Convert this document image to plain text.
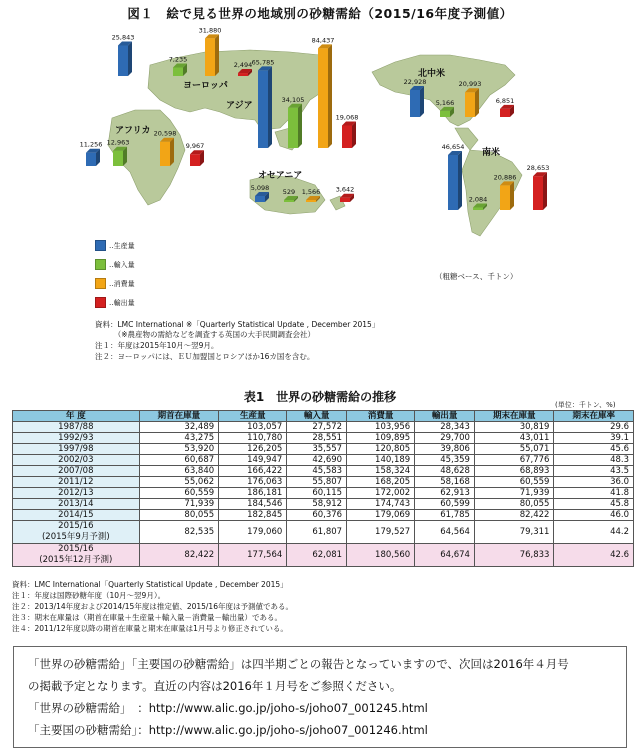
図１　絵で見る世界の地域別の砂糖需給（2015/16年度予測値）
25,843
7,235
31,880
2,494 65,785
34,105
84,437
19,068
11,256 12,963
20,598
9,967
5,098
529 1,566 3,642
22,928
5,166
20,993
6,851
46,654
2,084
20,886
28,653
ヨーロッパ
アジア
アフリカ
オセアニア
北中米
南米
‥生産量
‥輸入量
‥消費量
‥輸出量
（粗糖ベース、千トン）
資料：LMC International ※「Quarterly Statistical Update , December 2015」
　　　（※農産物の需給などを調査する英国の大手民間調査会社）
注１：年度は2015年10月～翌9月。
注２：ヨーロッパには、ＥＵ加盟国とロシアほか16カ国を含む。
表1　世界の砂糖需給の推移
(単位：千トン、%)
年 度	期首在庫量	生産量	輸入量	消費量	輸出量	期末在庫量	期末在庫率
1987/88	32,489	103,057	27,572	103,956	28,343	30,819	29.6
1992/93	43,275	110,780	28,551	109,895	29,700	43,011	39.1
1997/98	53,920	126,205	35,557	120,805	39,806	55,071	45.6
2002/03	60,687	149,947	42,690	140,189	45,359	67,776	48.3
2007/08	63,840	166,422	45,583	158,324	48,628	68,893	43.5
2011/12	55,062	176,063	55,807	168,205	58,168	60,559	36.0
2012/13	60,559	186,181	60,115	172,002	62,913	71,939	41.8
2013/14	71,939	184,546	58,912	174,743	60,599	80,055	45.8
2014/15	80,055	182,845	60,376	179,069	61,785	82,422	46.0
2015/16
(2015年9月予測)	82,535	179,060	61,807	179,527	64,564	79,311	44.2
2015/16
(2015年12月予測)	82,422	177,564	62,081	180,560	64,674	76,833	42.6
資料：LMC International「Quarterly Statistical Update , December 2015」
注１：年度は国際砂糖年度（10月～翌9月）。
注２：2013/14年度および2014/15年度は推定値、2015/16年度は予測値である。
注３：期末在庫量は（期首在庫量＋生産量＋輸入量－消費量－輸出量）である。
注４：2011/12年度以降の期首在庫量と期末在庫量は1月号より修正されている。
「世界の砂糖需給」「主要国の砂糖需給」は四半期ごとの報告となっていますので、次回は2016年４月号
の掲載予定となります。直近の内容は2016年１月号をご参照ください。
「世界の砂糖需給」　：http://www.alic.go.jp/joho-s/joho07_001245.html
「主要国の砂糖需給」：http://www.alic.go.jp/joho-s/joho07_001246.html
